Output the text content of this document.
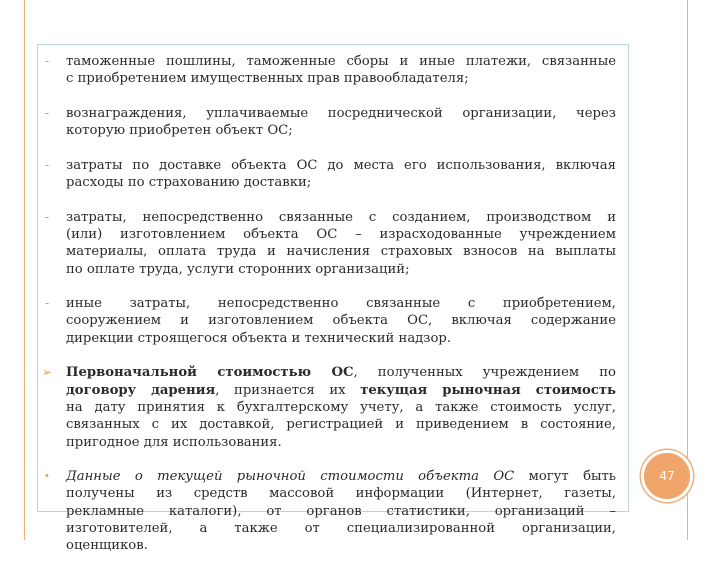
-	таможенные пошлины, таможенные сборы и иные платежи, связанные
с приобретением имущественных прав правообладателя;
-	вознаграждения, уплачиваемые посреднической организации, через
которую приобретен объект ОС;
-	затраты по доставке объекта ОС до места его использования, включая
расходы по страхованию доставки;
-	затраты, непосредственно связанные с созданием, производством и
(или) изготовлением объекта ОС – израсходованные учреждением
материалы, оплата труда и начисления страховых взносов на выплаты
по оплате труда, услуги сторонних организаций;
-	иные затраты, непосредственно связанные с приобретением,
сооружением и изготовлением объекта ОС, включая содержание
дирекции строящегося объекта и технический надзор.
➢ Первоначальной стоимостью ОС, полученных учреждением по
договору дарения, признается их текущая рыночная стоимость
на дату принятия к бухгалтерскому учету, а также стоимость услуг,
связанных с их доставкой, регистрацией и приведением в состояние,
пригодное для использования.
•	Данные о текущей рыночной стоимости объекта ОС могут быть
получены из средств массовой информации (Интернет, газеты,
рекламные каталоги), от органов статистики, организаций –
изготовителей, а также от специализированной организации,
оценщиков.
47
